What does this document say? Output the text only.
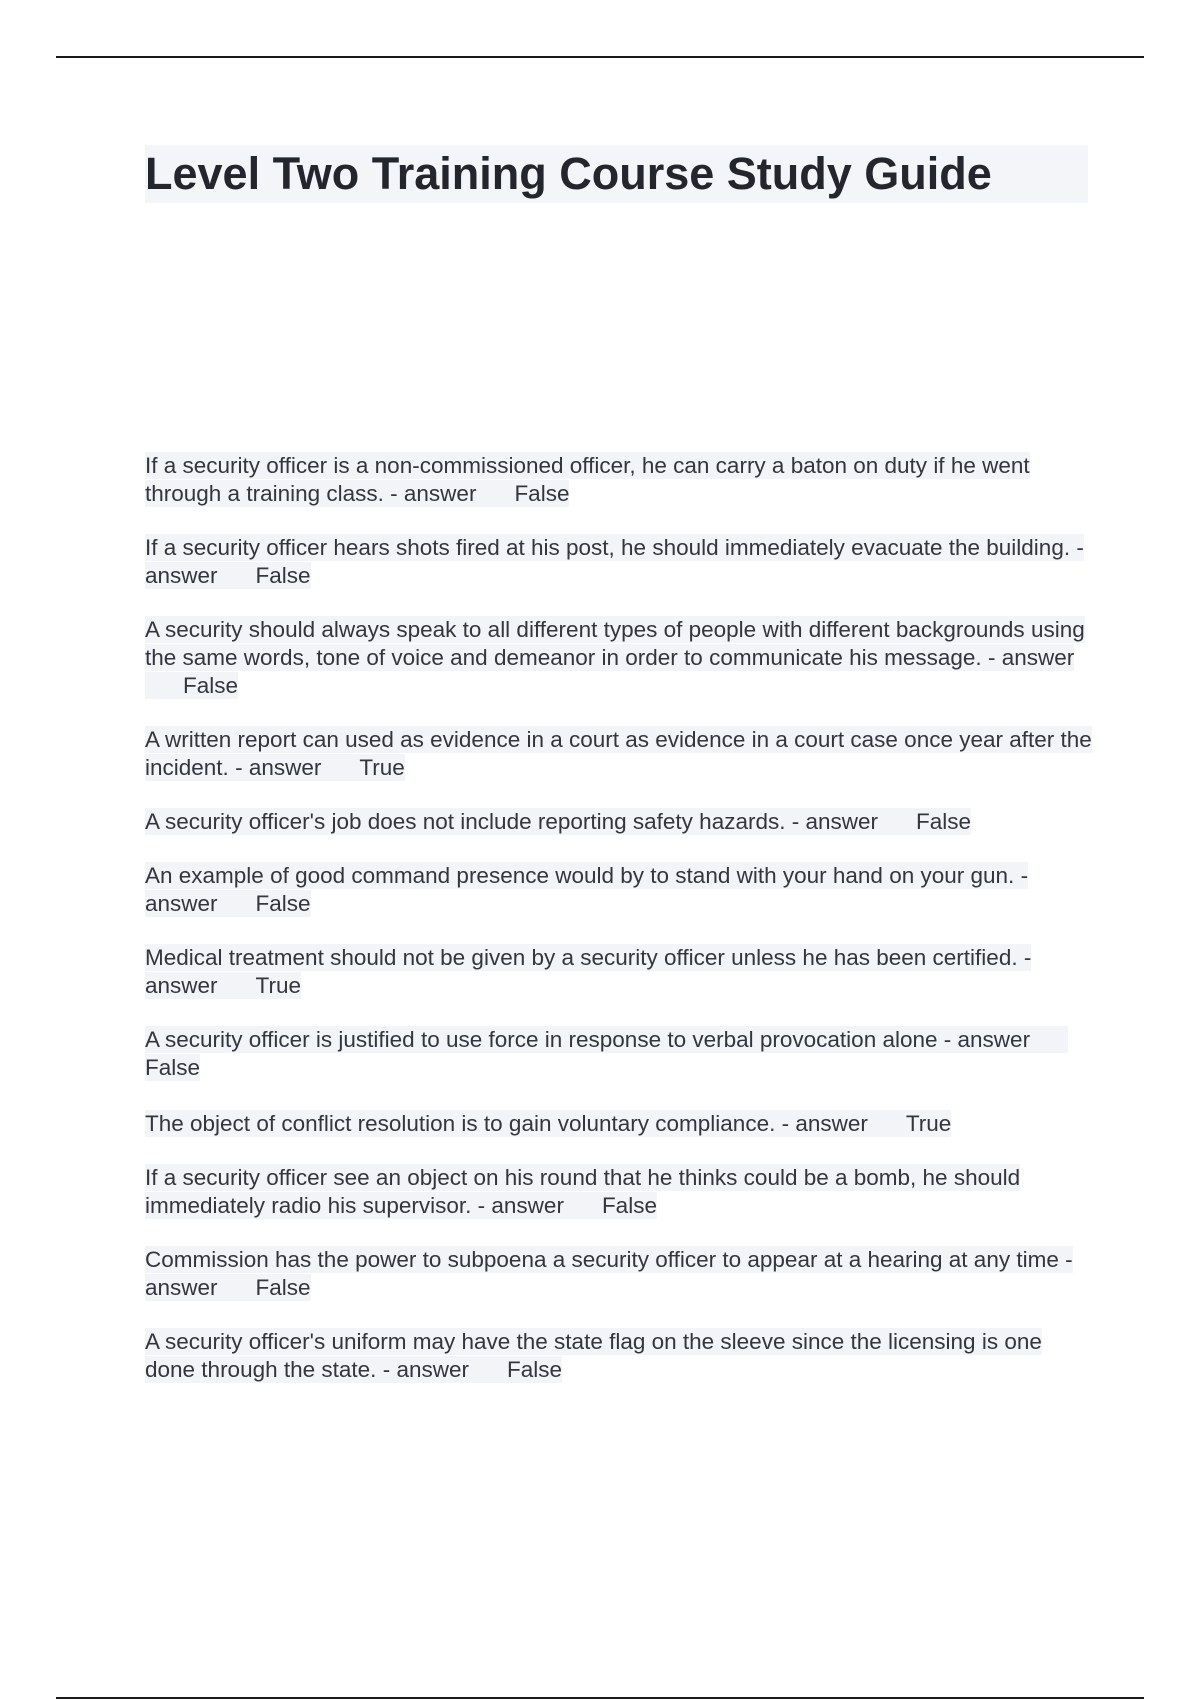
Level Two Training Course Study Guide

If a security officer is a non-commissioned officer, he can carry a baton on duty if he went through a training class. - answer False

If a security officer hears shots fired at his post, he should immediately evacuate the building. - answer False

A security should always speak to all different types of people with different backgrounds using the same words, tone of voice and demeanor in order to communicate his message. - answerFalse

A written report can used as evidence in a court as evidence in a court case once year after the incident. - answer True

A security officer's job does not include reporting safety hazards. - answer False

An example of good command presence would by to stand with your hand on your gun. - answer False

Medical treatment should not be given by a security officer unless he has been certified. - answer True

A security officer is justified to use force in response to verbal provocation alone - answerFalse

The object of conflict resolution is to gain voluntary compliance. - answer True

If a security officer see an object on his round that he thinks could be a bomb, he should immediately radio his supervisor. - answer False

Commission has the power to subpoena a security officer to appear at a hearing at any time - answer False

A security officer's uniform may have the state flag on the sleeve since the licensing is one done through the state. - answer False
